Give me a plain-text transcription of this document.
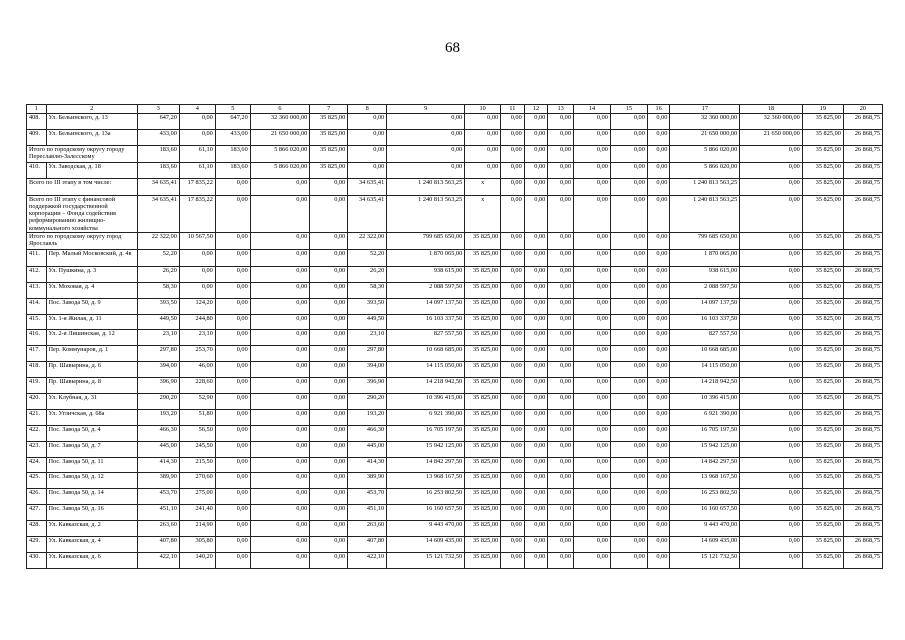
68
1	2	3	4	5	6	7	8	9	10	11	12	13	14	15	16	17	18	19	20
408.	Ул. Бельинского, д. 13	647,20	0,00	647,20	32 360 000,00	35 825,00	0,00	0,00	0,00	0,00	0,00	0,00	0,00	0,00	0,00	32 360 000,00	32 360 000,00	35 825,00	26 868,75
409.	Ул. Бельинского, д. 13а	433,00	0,00	433,00	21 650 000,00	35 825,00	0,00	0,00	0,00	0,00	0,00	0,00	0,00	0,00	0,00	21 650 000,00	21 650 000,00	35 825,00	26 868,75
Итого по городскому округу городу Переславлю-Залесскому		183,60	61,10	183,60	5 866 020,00	35 825,00	0,00	0,00	0,00	0,00	0,00	0,00	0,00	0,00	0,00	5 866 020,00	0,00	35 825,00	26 868,75
410.	Ул. Заводская, д. 18	183,60	61,10	183,60	5 866 020,00	35 825,00	0,00	0,00	0,00	0,00	0,00	0,00	0,00	0,00	0,00	5 866 020,00	0,00	35 825,00	26 868,75
Всего по III этапу в том числе:		34 635,41	17 835,22	0,00	0,00	0,00	34 635,41	1 240 813 563,25	х	0,00	0,00	0,00	0,00	0,00	0,00	1 240 813 563,25	0,00	35 825,00	26 868,75
Всего по III этапу с финансовой поддержкой государственной корпорации – Фонда содействия реформированию жилищно-коммунального хозяйства		34 635,41	17 835,22	0,00	0,00	0,00	34 635,41	1 240 813 563,25	х	0,00	0,00	0,00	0,00	0,00	0,00	1 240 813 563,25	0,00	35 825,00	26 868,75
Итого по городскому округу город Ярославль		22 322,00	10 567,50	0,00	0,00	0,00	22 322,00	799 685 650,00	35 825,00	0,00	0,00	0,00	0,00	0,00	0,00	799 685 650,00	0,00	35 825,00	26 868,75
411.	Пер. Малый Московский, д. 4в	52,20	0,00	0,00	0,00	0,00	52,20	1 870 065,00	35 825,00	0,00	0,00	0,00	0,00	0,00	0,00	1 870 065,00	0,00	35 825,00	26 868,75
412.	Ул. Пушкина, д. 3	26,20	0,00	0,00	0,00	0,00	26,20	938 615,00	35 825,00	0,00	0,00	0,00	0,00	0,00	0,00	938 615,00	0,00	35 825,00	26 868,75
413.	Ул. Моховая, д. 4	58,30	0,00	0,00	0,00	0,00	58,30	2 088 597,50	35 825,00	0,00	0,00	0,00	0,00	0,00	0,00	2 088 597,50	0,00	35 825,00	26 868,75
414.	Пос. Завода 50, д. 9	393,50	124,20	0,00	0,00	0,00	393,50	14 097 137,50	35 825,00	0,00	0,00	0,00	0,00	0,00	0,00	14 097 137,50	0,00	35 825,00	26 868,75
415.	Ул. 1-я Жилая, д. 11	449,50	244,80	0,00	0,00	0,00	449,50	16 103 337,50	35 825,00	0,00	0,00	0,00	0,00	0,00	0,00	16 103 337,50	0,00	35 825,00	26 868,75
416.	Ул. 2-я Лишинская, д. 12	23,10	23,10	0,00	0,00	0,00	23,10	827 557,50	35 825,00	0,00	0,00	0,00	0,00	0,00	0,00	827 557,50	0,00	35 825,00	26 868,75
417.	Пер. Коммунаров, д. 1	297,80	253,70	0,00	0,00	0,00	297,80	10 668 685,00	35 825,00	0,00	0,00	0,00	0,00	0,00	0,00	10 668 685,00	0,00	35 825,00	26 868,75
418.	Пр. Шавырина, д. 6	394,00	46,00	0,00	0,00	0,00	394,00	14 115 050,00	35 825,00	0,00	0,00	0,00	0,00	0,00	0,00	14 115 050,00	0,00	35 825,00	26 868,75
419.	Пр. Шавырина, д. 8	396,90	228,60	0,00	0,00	0,00	396,90	14 218 942,50	35 825,00	0,00	0,00	0,00	0,00	0,00	0,00	14 218 942,50	0,00	35 825,00	26 868,75
420.	Ул. Клубная, д. 31	290,20	52,90	0,00	0,00	0,00	290,20	10 396 415,00	35 825,00	0,00	0,00	0,00	0,00	0,00	0,00	10 396 415,00	0,00	35 825,00	26 868,75
421.	Ул. Угличская, д. 68а	193,20	51,80	0,00	0,00	0,00	193,20	6 921 390,00	35 825,00	0,00	0,00	0,00	0,00	0,00	0,00	6 921 390,00	0,00	35 825,00	26 868,75
422.	Пос. Завода 50, д. 4	466,30	56,50	0,00	0,00	0,00	466,30	16 705 197,50	35 825,00	0,00	0,00	0,00	0,00	0,00	0,00	16 705 197,50	0,00	35 825,00	26 868,75
423.	Пос. Завода 50, д. 7	445,00	245,50	0,00	0,00	0,00	445,00	15 942 125,00	35 825,00	0,00	0,00	0,00	0,00	0,00	0,00	15 942 125,00	0,00	35 825,00	26 868,75
424.	Пос. Завода 50, д. 11	414,30	215,50	0,00	0,00	0,00	414,30	14 842 297,50	35 825,00	0,00	0,00	0,00	0,00	0,00	0,00	14 842 297,50	0,00	35 825,00	26 868,75
425.	Пос. Завода 50, д. 12	389,90	270,60	0,00	0,00	0,00	389,90	13 968 167,50	35 825,00	0,00	0,00	0,00	0,00	0,00	0,00	13 968 167,50	0,00	35 825,00	26 868,75
426.	Пос. Завода 50, д. 14	453,70	275,00	0,00	0,00	0,00	453,70	16 253 802,50	35 825,00	0,00	0,00	0,00	0,00	0,00	0,00	16 253 802,50	0,00	35 825,00	26 868,75
427.	Пос. Завода 50, д. 16	451,10	241,40	0,00	0,00	0,00	451,10	16 160 657,50	35 825,00	0,00	0,00	0,00	0,00	0,00	0,00	16 160 657,50	0,00	35 825,00	26 868,75
428.	Ул. Кавказская, д. 2	263,60	214,90	0,00	0,00	0,00	263,60	9 443 470,00	35 825,00	0,00	0,00	0,00	0,00	0,00	0,00	9 443 470,00	0,00	35 825,00	26 868,75
429.	Ул. Кавказская, д. 4	407,80	305,80	0,00	0,00	0,00	407,80	14 609 435,00	35 825,00	0,00	0,00	0,00	0,00	0,00	0,00	14 609 435,00	0,00	35 825,00	26 868,75
430.	Ул. Кавказская, д. 6	422,10	140,20	0,00	0,00	0,00	422,10	15 121 732,50	35 825,00	0,00	0,00	0,00	0,00	0,00	0,00	15 121 732,50	0,00	35 825,00	26 868,75
